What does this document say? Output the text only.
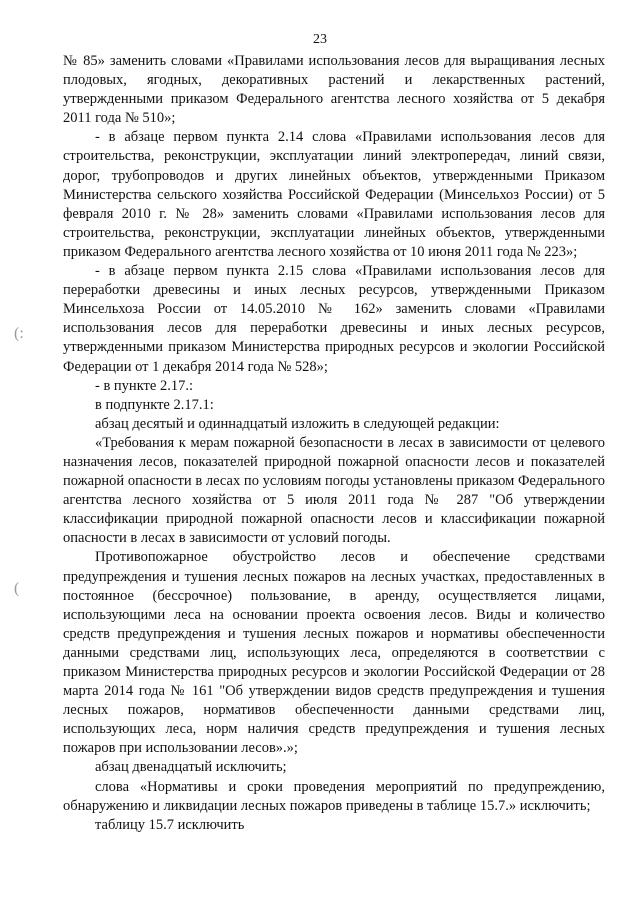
23
(:
(

№ 85» заменить словами «Правилами использования лесов для выращивания лесных плодовых, ягодных, декоративных растений и лекарственных растений, утвержденными приказом Федерального агентства лесного хозяйства от 5 декабря 2011 года № 510»;

- в абзаце первом пункта 2.14 слова «Правилами использования лесов для строительства, реконструкции, эксплуатации линий электропередач, линий связи, дорог, трубопроводов и других линейных объектов, утвержденными Приказом Министерства сельского хозяйства Российской Федерации (Минсельхоз России) от 5 февраля 2010 г. № 28» заменить словами «Правилами использования лесов для строительства, реконструкции, эксплуатации линейных объектов, утвержденными приказом Федерального агентства лесного хозяйства от 10 июня 2011 года № 223»;

- в абзаце первом пункта 2.15 слова «Правилами использования лесов для переработки древесины и иных лесных ресурсов, утвержденными Приказом Минсельхоза России от 14.05.2010 № 162» заменить словами «Правилами использования лесов для переработки древесины и иных лесных ресурсов, утвержденными приказом Министерства природных ресурсов и экологии Российской Федерации от 1 декабря 2014 года № 528»;

- в пункте 2.17.:

в подпункте 2.17.1:

абзац десятый и одиннадцатый изложить в следующей редакции:

«Требования к мерам пожарной безопасности в лесах в зависимости от целевого назначения лесов, показателей природной пожарной опасности лесов и показателей пожарной опасности в лесах по условиям погоды установлены приказом Федерального агентства лесного хозяйства от 5 июля 2011 года № 287 "Об утверждении классификации природной пожарной опасности лесов и классификации пожарной опасности в лесах в зависимости от условий погоды.

Противопожарное обустройство лесов и обеспечение средствами предупреждения и тушения лесных пожаров на лесных участках, предоставленных в постоянное (бессрочное) пользование, в аренду, осуществляется лицами, использующими леса на основании проекта освоения лесов. Виды и количество средств предупреждения и тушения лесных пожаров и нормативы обеспеченности данными средствами лиц, использующих леса, определяются в соответствии с приказом Министерства природных ресурсов и экологии Российской Федерации от 28 марта 2014 года № 161 "Об утверждении видов средств предупреждения и тушения лесных пожаров, нормативов обеспеченности данными средствами лиц, использующих леса, норм наличия средств предупреждения и тушения лесных пожаров при использовании лесов».»;

абзац двенадцатый исключить;

слова «Нормативы и сроки проведения мероприятий по предупреждению, обнаружению и ликвидации лесных пожаров приведены в таблице 15.7.» исключить;

таблицу 15.7 исключить
